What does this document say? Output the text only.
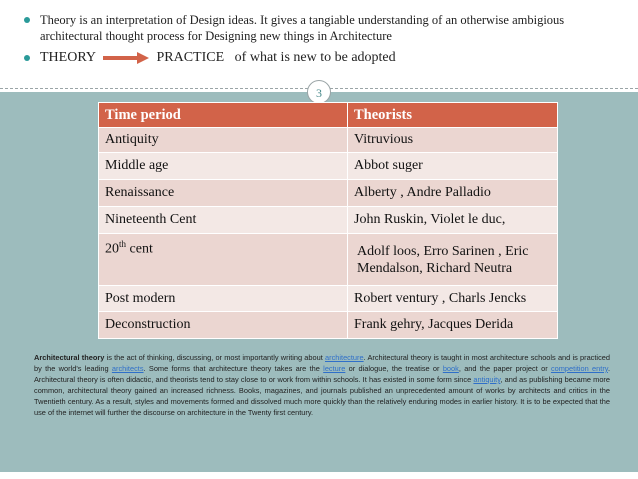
Theory is an interpretation of Design ideas. It gives a tangiable understanding of an otherwise ambigious architectural thought process for Designing new things in Architecture
THEORY	PRACTICE of what is new to be adopted
3
Time period	Theorists
Antiquity	Vitruvious
Middle age	Abbot suger
Renaissance	Alberty , Andre Palladio
Nineteenth Cent	John Ruskin, Violet le duc,
20th cent	Adolf loos, Erro Sarinen , Eric Mendalson, Richard Neutra
Post modern	Robert ventury , Charls Jencks
Deconstruction	Frank gehry, Jacques Derida
Architectural theory is the act of thinking, discussing, or most importantly writing about architecture. Architectural theory is taught in most architecture schools and is practiced by the world's leading architects. Some forms that architecture theory takes are the lecture or dialogue, the treatise or book, and the paper project or competition entry. Architectural theory is often didactic, and theorists tend to stay close to or work from within schools. It has existed in some form since antiquity, and as publishing became more common, architectural theory gained an increased richness. Books, magazines, and journals published an unprecedented amount of works by architects and critics in the Twentieth century. As a result, styles and movements formed and dissolved much more quickly than the relatively enduring modes in earlier history. It is to be expected that the use of the internet will further the discourse on architecture in the Twenty first century.
